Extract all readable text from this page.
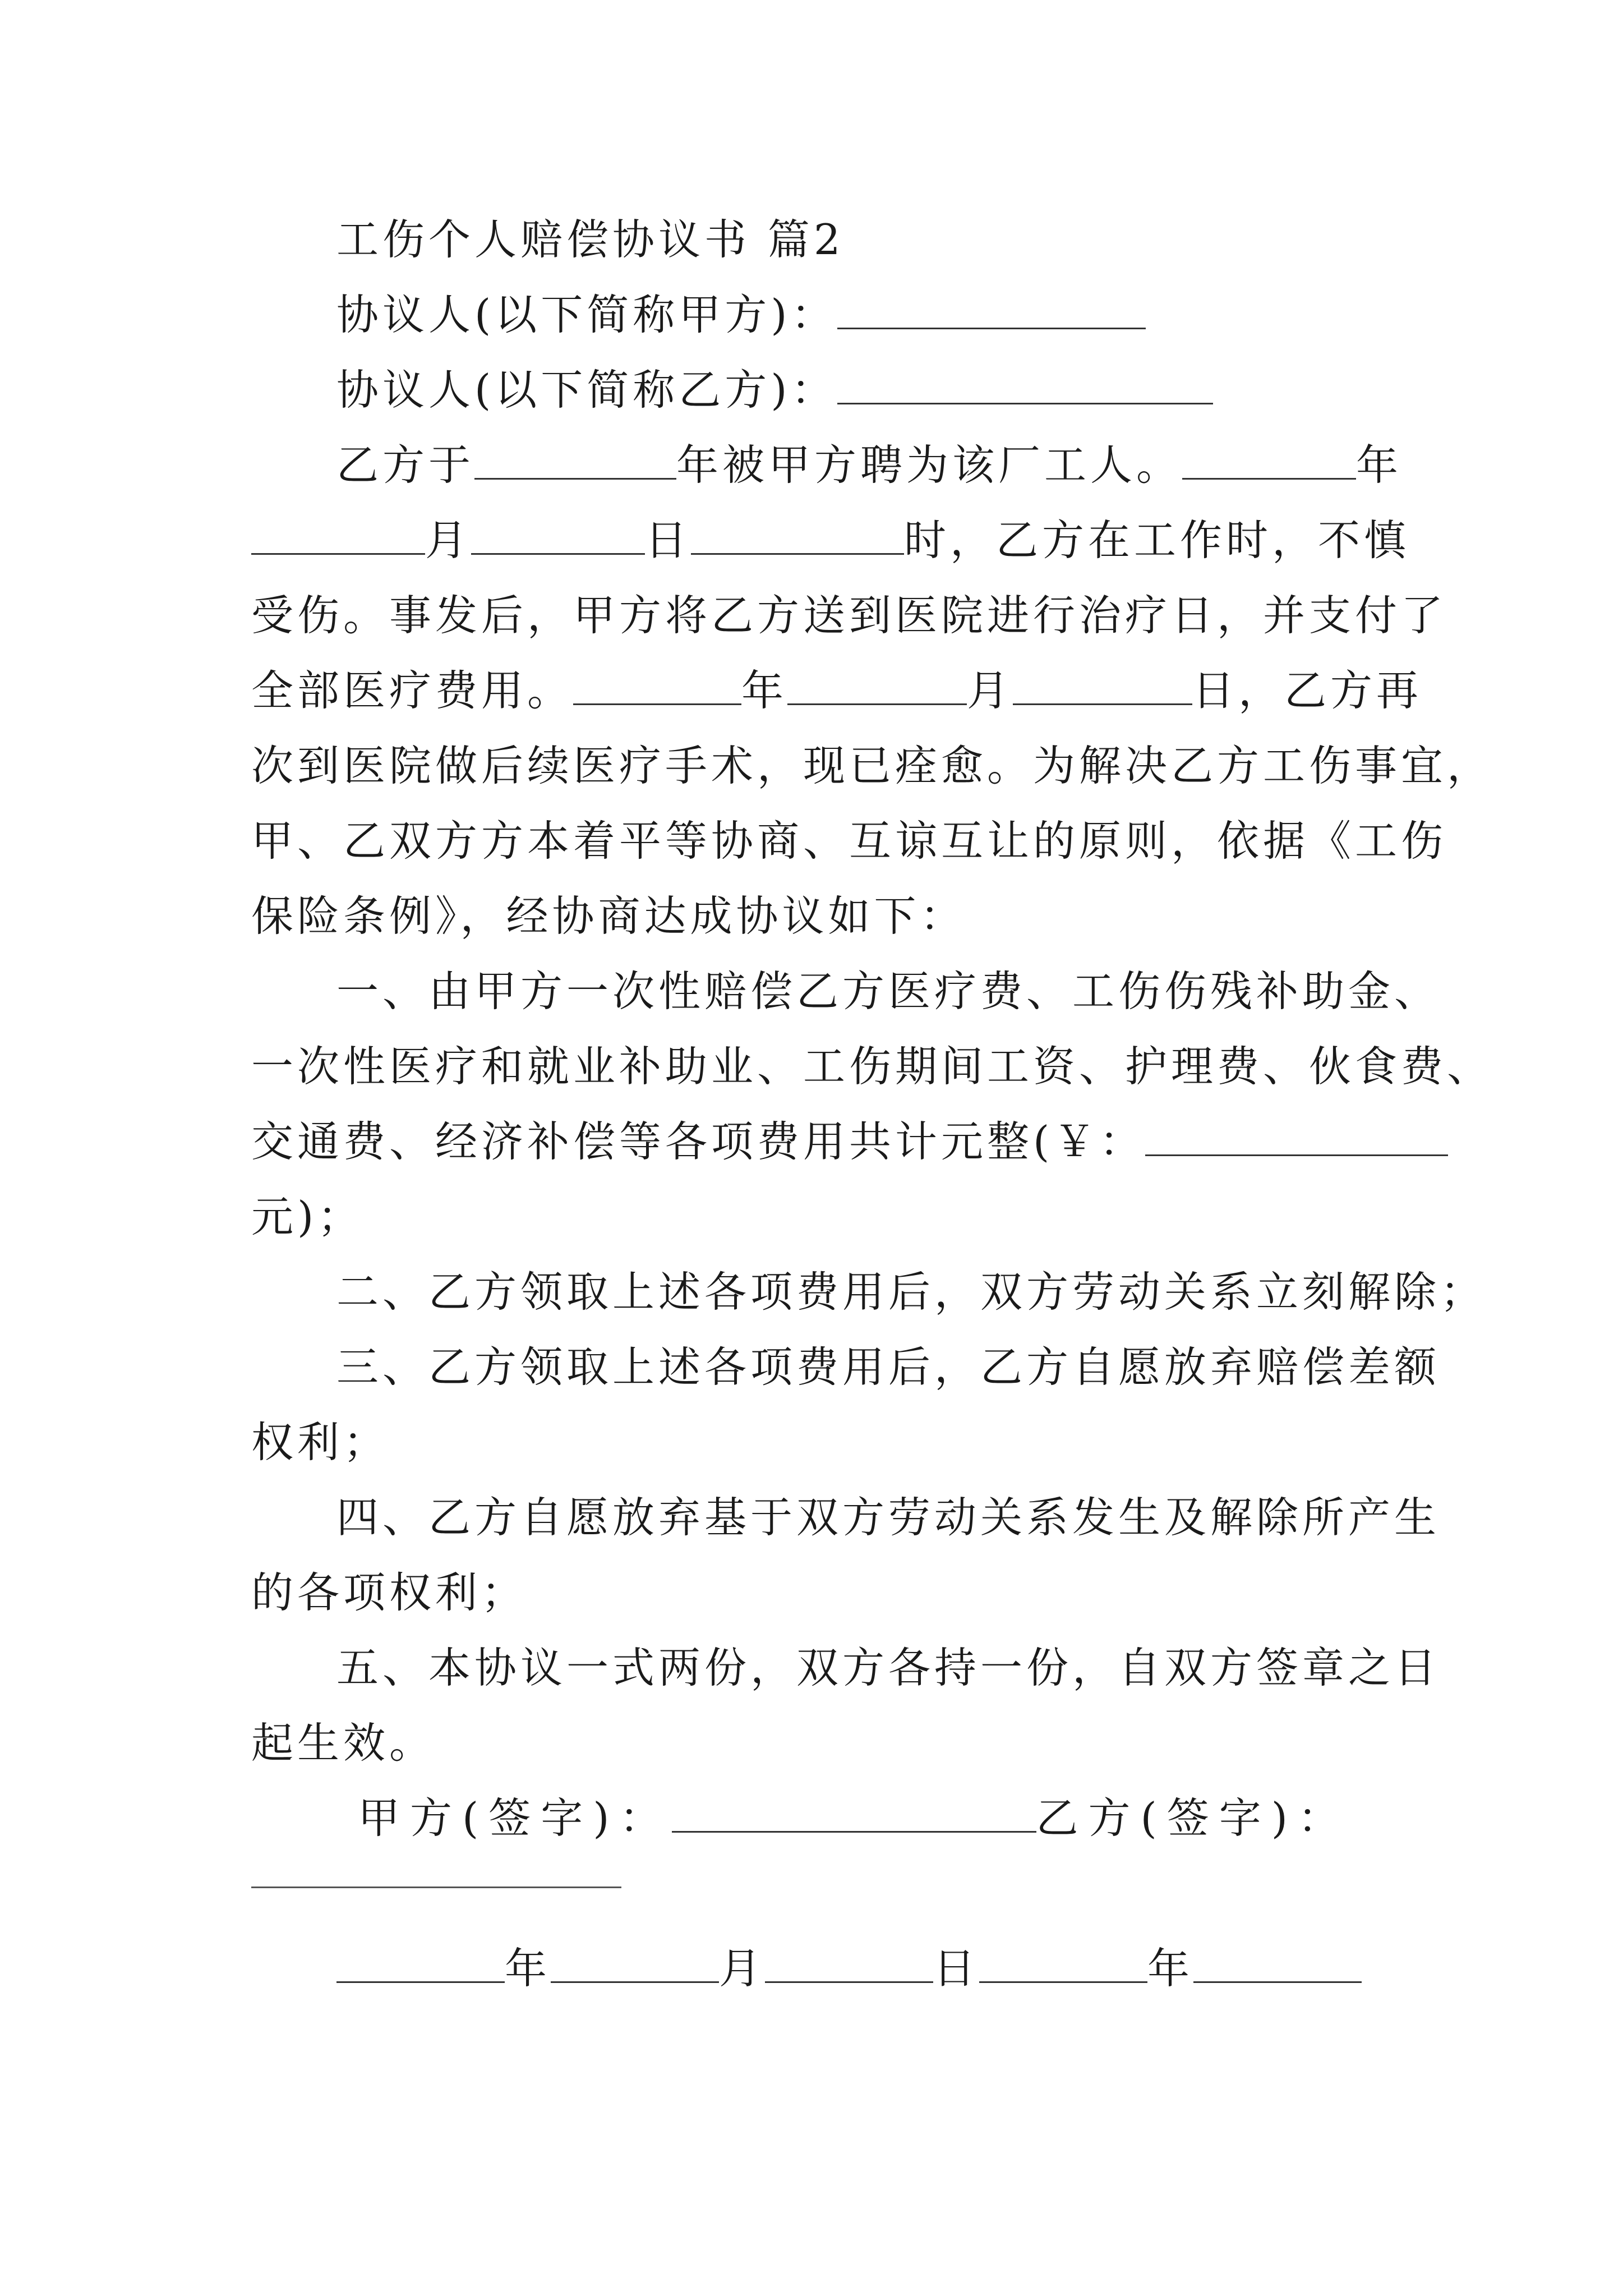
工伤个人赔偿协议书 篇2
协议人(以下简称甲方)：
协议人(以下简称乙方)：
乙方于	年被甲方聘为该厂工人。	年
月	日	时，乙方在工作时，不慎
受伤。事发后，甲方将乙方送到医院进行治疗日，并支付了
全部医疗费用。	年	月	日，乙方再
次到医院做后续医疗手术，现已痊愈。为解决乙方工伤事宜，
甲、乙双方方本着平等协商、互谅互让的原则，依据《工伤
保险条例》，经协商达成协议如下：
一、由甲方一次性赔偿乙方医疗费、工伤伤残补助金、
一次性医疗和就业补助业、工伤期间工资、护理费、伙食费、
交通费、经济补偿等各项费用共计元整(￥：
元)；
二、乙方领取上述各项费用后，双方劳动关系立刻解除；
三、乙方领取上述各项费用后，乙方自愿放弃赔偿差额
权利；
四、乙方自愿放弃基于双方劳动关系发生及解除所产生
的各项权利；
五、本协议一式两份，双方各持一份，自双方签章之日
起生效。
甲方(签字)：	乙方(签字)：
年	月	日	年
